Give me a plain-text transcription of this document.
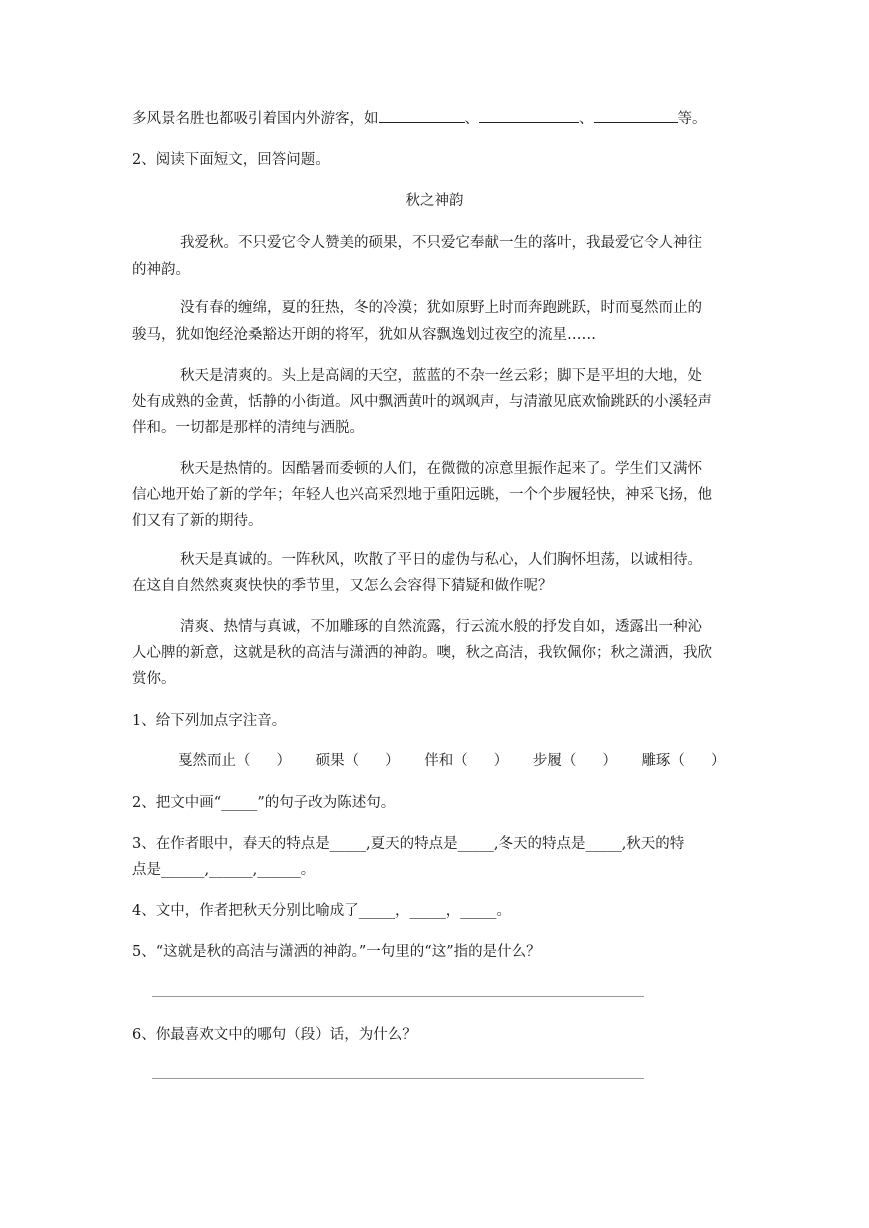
多风景名胜也都吸引着国内外游客，如	、	、	等。

2、阅读下面短文，回答问题。

秋之神韵

我爱秋。不只爱它令人赞美的硕果，不只爱它奉献一生的落叶，我最爱它令人神往

的神韵。

没有春的缠绵，夏的狂热，冬的冷漠；犹如原野上时而奔跑跳跃，时而戛然而止的

骏马，犹如饱经沧桑豁达开朗的将军，犹如从容飘逸划过夜空的流星……

秋天是清爽的。头上是高阔的天空，蓝蓝的不杂一丝云彩；脚下是平坦的大地，处

处有成熟的金黄，恬静的小街道。风中飘洒黄叶的飒飒声，与清澈见底欢愉跳跃的小溪轻声

伴和。一切都是那样的清纯与洒脱。

秋天是热情的。因酷暑而委顿的人们，在微微的凉意里振作起来了。学生们又满怀

信心地开始了新的学年；年轻人也兴高采烈地于重阳远眺，一个个步履轻快，神采飞扬，他

们又有了新的期待。

秋天是真诚的。一阵秋风，吹散了平日的虚伪与私心，人们胸怀坦荡，以诚相待。

在这自自然然爽爽快快的季节里，又怎么会容得下猜疑和做作呢？

清爽、热情与真诚，不加雕琢的自然流露，行云流水般的抒发自如，透露出一种沁

人心脾的新意，这就是秋的高洁与潇洒的神韵。噢，秋之高洁，我钦佩你；秋之潇洒，我欣

赏你。

1、给下列加点字注音。

戛然而止（ ） 硕果（ ） 伴和（ ） 步履（ ） 雕琢（ ）

2、把文中画“_____”的句子改为陈述句。

3、在作者眼中，春天的特点是_____,夏天的特点是_____,冬天的特点是_____,秋天的特

点是______,______,______。

4、文中，作者把秋天分别比喻成了_____，_____，_____。

5、“这就是秋的高洁与潇洒的神韵。”一句里的“这”指的是什么？

6、你最喜欢文中的哪句（段）话，为什么？
